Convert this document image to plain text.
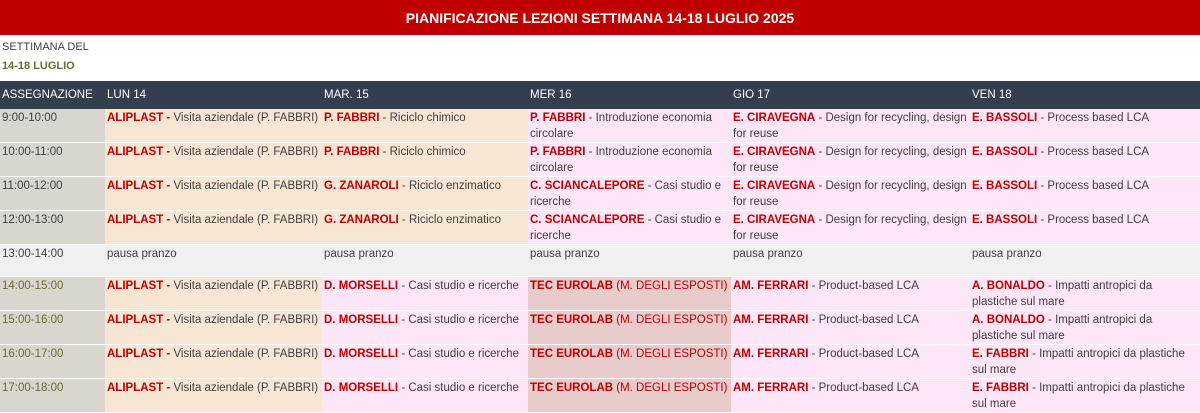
PIANIFICAZIONE LEZIONI SETTIMANA 14-18 LUGLIO 2025
SETTIMANA DEL
14-18 LUGLIO
ASSEGNAZIONE	LUN 14	MAR. 15	MER 16	GIO 17	VEN 18
9:00-10:00	ALIPLAST - Visita aziendale (P. FABBRI)	P. FABBRI - Riciclo chimico	P. FABBRI - Introduzione economia circolare	E. CIRAVEGNA - Design for recycling, design for reuse	E. BASSOLI - Process based LCA
10:00-11:00	ALIPLAST - Visita aziendale (P. FABBRI)	P. FABBRI - Riciclo chimico	P. FABBRI - Introduzione economia circolare	E. CIRAVEGNA - Design for recycling, design for reuse	E. BASSOLI - Process based LCA
11:00-12:00	ALIPLAST - Visita aziendale (P. FABBRI)	G. ZANAROLI - Riciclo enzimatico	C. SCIANCALEPORE - Casi studio e ricerche	E. CIRAVEGNA - Design for recycling, design for reuse	E. BASSOLI - Process based LCA
12:00-13:00	ALIPLAST - Visita aziendale (P. FABBRI)	G. ZANAROLI - Riciclo enzimatico	C. SCIANCALEPORE - Casi studio e ricerche	E. CIRAVEGNA - Design for recycling, design for reuse	E. BASSOLI - Process based LCA
13:00-14:00	pausa pranzo	pausa pranzo	pausa pranzo	pausa pranzo	pausa pranzo
14:00-15:00	ALIPLAST - Visita aziendale (P. FABBRI)	D. MORSELLI - Casi studio e ricerche	TEC EUROLAB (M. DEGLI ESPOSTI)	AM. FERRARI - Product-based LCA	A. BONALDO - Impatti antropici da plastiche sul mare
15:00-16:00	ALIPLAST - Visita aziendale (P. FABBRI)	D. MORSELLI - Casi studio e ricerche	TEC EUROLAB (M. DEGLI ESPOSTI)	AM. FERRARI - Product-based LCA	A. BONALDO - Impatti antropici da plastiche sul mare
16:00-17:00	ALIPLAST - Visita aziendale (P. FABBRI)	D. MORSELLI - Casi studio e ricerche	TEC EUROLAB (M. DEGLI ESPOSTI)	AM. FERRARI - Product-based LCA	E. FABBRI - Impatti antropici da plastiche sul mare
17:00-18:00	ALIPLAST - Visita aziendale (P. FABBRI)	D. MORSELLI - Casi studio e ricerche	TEC EUROLAB (M. DEGLI ESPOSTI)	AM. FERRARI - Product-based LCA	E. FABBRI - Impatti antropici da plastiche sul mare
